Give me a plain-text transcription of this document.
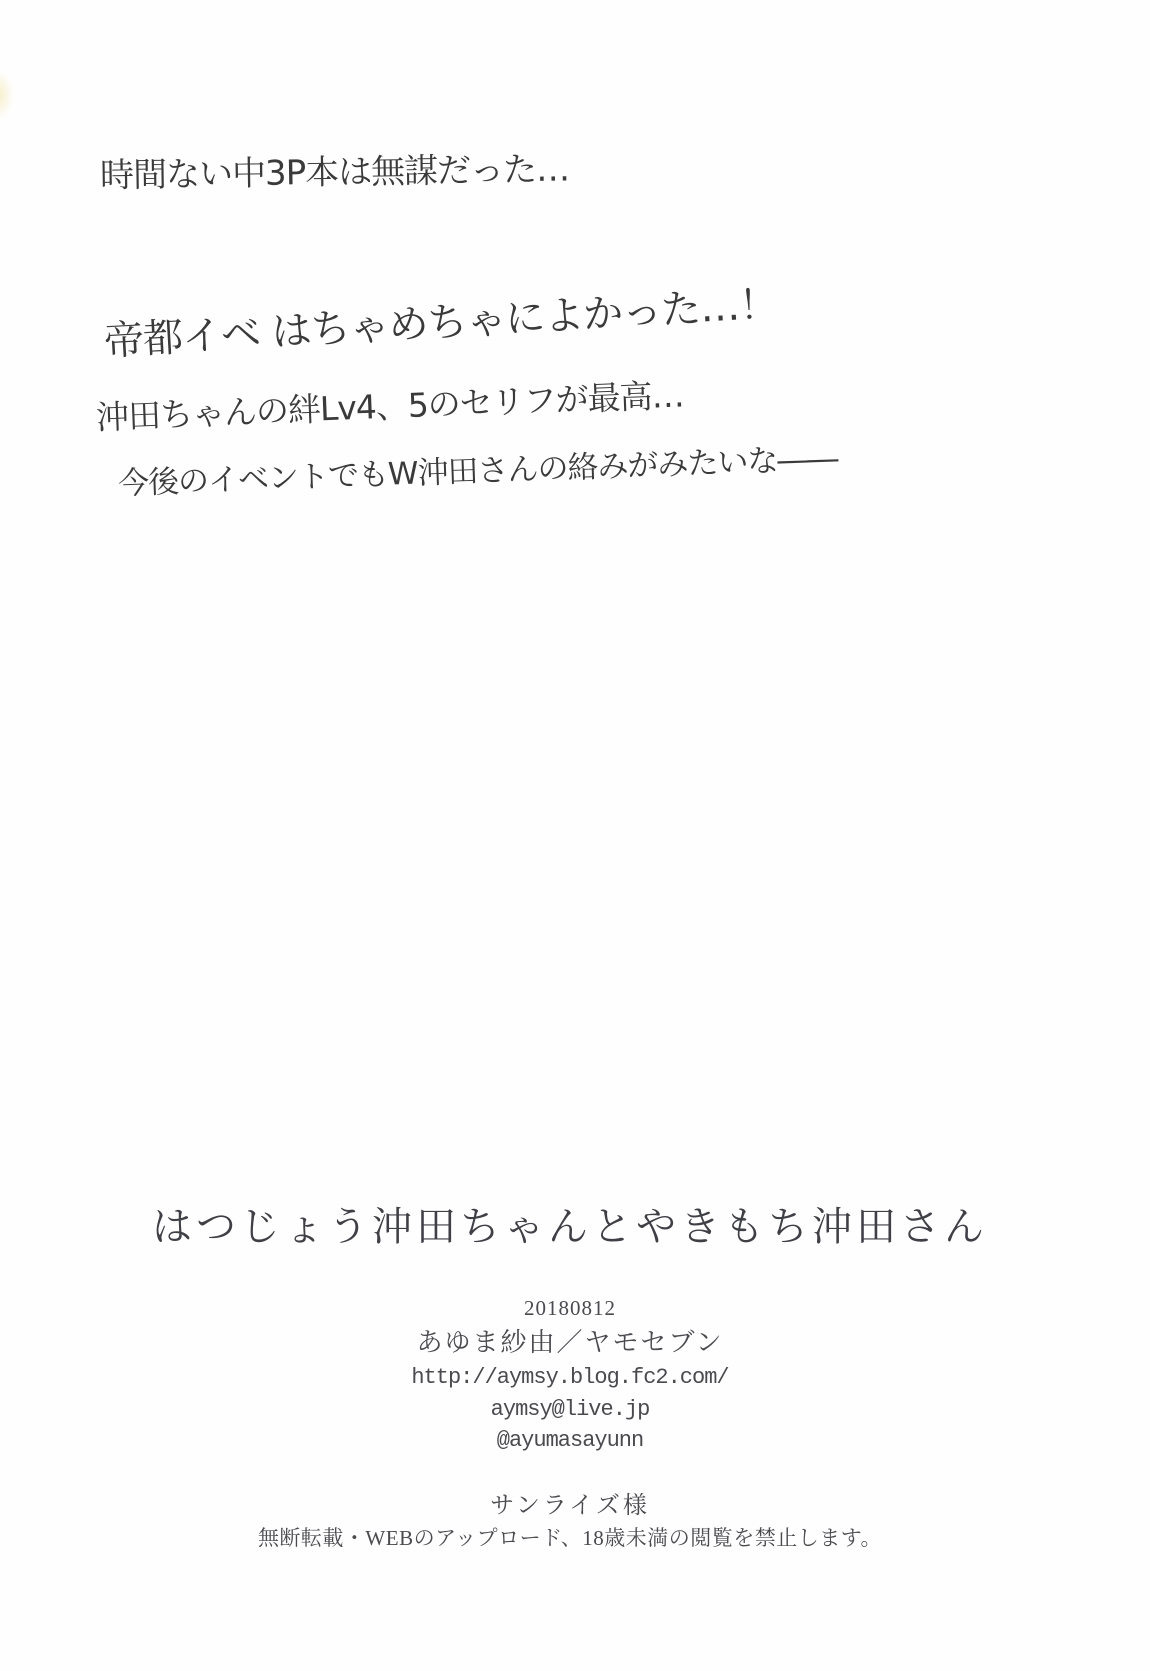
時間ない中3P本は無謀だった…
帝都イベ はちゃめちゃによかった…！
沖田ちゃんの絆Lv4、5のセリフが最高…
今後のイベントでもW沖田さんの絡みがみたいな――
はつじょう沖田ちゃんとやきもち沖田さん
20180812
あゆま紗由／ヤモセブン
http://aymsy.blog.fc2.com/
aymsy@live.jp
@ayumasayunn
サンライズ様
無断転載・WEBのアップロード、18歳未満の閲覧を禁止します。
